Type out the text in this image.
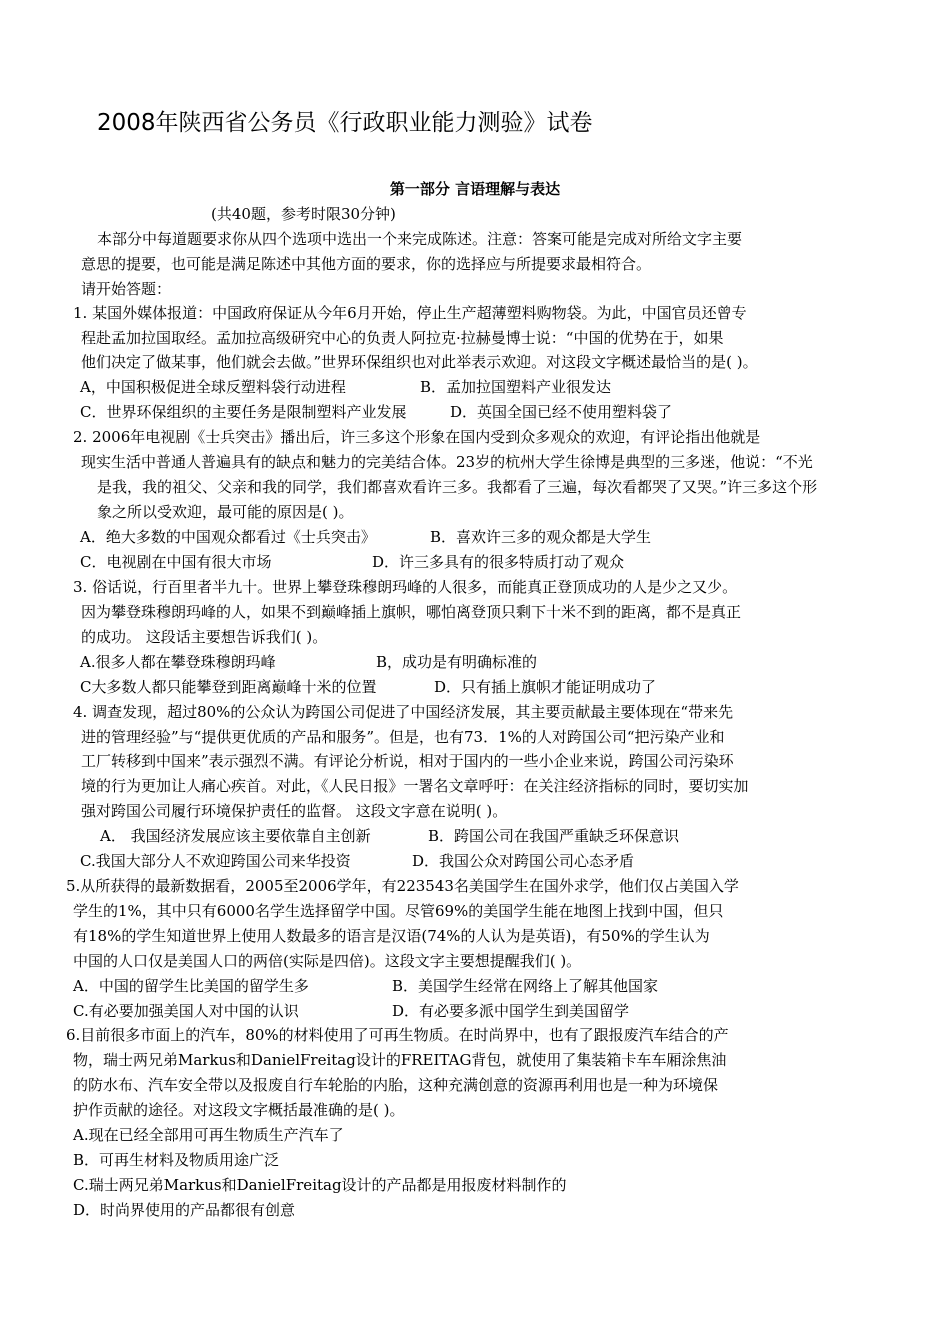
2008年陕西省公务员《行政职业能力测验》试卷
第一部分 言语理解与表达
(共40题，参考时限30分钟)
本部分中每道题要求你从四个选项中选出一个来完成陈述。注意：答案可能是完成对所给文字主要
意思的提要，也可能是满足陈述中其他方面的要求，你的选择应与所提要求最相符合。
请开始答题：
1. 某国外媒体报道：中国政府保证从今年6月开始，停止生产超薄塑料购物袋。为此，中国官员还曾专
程赴孟加拉国取经。孟加拉高级研究中心的负责人阿拉克·拉赫曼博士说：“中国的优势在于，如果
他们决定了做某事，他们就会去做。”世界环保组织也对此举表示欢迎。对这段文字概述最恰当的是( )。
A，中国积极促进全球反塑料袋行动进程	B．孟加拉国塑料产业很发达
C．世界环保组织的主要任务是限制塑料产业发展	D．英国全国已经不使用塑料袋了
2. 2006年电视剧《士兵突击》播出后，许三多这个形象在国内受到众多观众的欢迎，有评论指出他就是
现实生活中普通人普遍具有的缺点和魅力的完美结合体。23岁的杭州大学生徐博是典型的三多迷，他说：“不光
是我，我的祖父、父亲和我的同学，我们都喜欢看许三多。我都看了三遍，每次看都哭了又哭。”许三多这个形
象之所以受欢迎，最可能的原因是( )。
A．绝大多数的中国观众都看过《士兵突击》	B．喜欢许三多的观众都是大学生
C．电视剧在中国有很大市场	D．许三多具有的很多特质打动了观众
3. 俗话说，行百里者半九十。世界上攀登珠穆朗玛峰的人很多，而能真正登顶成功的人是少之又少。
因为攀登珠穆朗玛峰的人，如果不到巅峰插上旗帜，哪怕离登顶只剩下十米不到的距离，都不是真正
的成功。 这段话主要想告诉我们( )。
A.很多人都在攀登珠穆朗玛峰	B，成功是有明确标准的
C大多数人都只能攀登到距离巅峰十米的位置	D．只有插上旗帜才能证明成功了
4. 调查发现，超过80%的公众认为跨国公司促进了中国经济发展，其主要贡献最主要体现在“带来先
进的管理经验”与“提供更优质的产品和服务”。但是，也有73．1%的人对跨国公司“把污染产业和
工厂转移到中国来”表示强烈不满。有评论分析说，相对于国内的一些小企业来说，跨国公司污染环
境的行为更加让人痛心疾首。对此，《人民日报》一署名文章呼吁：在关注经济指标的同时，要切实加
强对跨国公司履行环境保护责任的监督。 这段文字意在说明( )。
A． 我国经济发展应该主要依靠自主创新	B．跨国公司在我国严重缺乏环保意识
C.我国大部分人不欢迎跨国公司来华投资	D．我国公众对跨国公司心态矛盾
5.从所获得的最新数据看，2005至2006学年，有223543名美国学生在国外求学，他们仅占美国入学
学生的1%，其中只有6000名学生选择留学中国。尽管69%的美国学生能在地图上找到中国，但只
有18%的学生知道世界上使用人数最多的语言是汉语(74%的人认为是英语)，有50%的学生认为
中国的人口仅是美国人口的两倍(实际是四倍)。这段文字主要想提醒我们( )。
A．中国的留学生比美国的留学生多	B．美国学生经常在网络上了解其他国家
C.有必要加强美国人对中国的认识	D．有必要多派中国学生到美国留学
6.目前很多市面上的汽车，80%的材料使用了可再生物质。在时尚界中，也有了跟报废汽车结合的产
物，瑞士两兄弟Markus和DanielFreitag设计的FREITAG背包，就使用了集装箱卡车车厢涂焦油
的防水布、汽车安全带以及报废自行车轮胎的内胎，这种充满创意的资源再利用也是一种为环境保
护作贡献的途径。对这段文字概括最准确的是( )。
A.现在已经全部用可再生物质生产汽车了
B．可再生材料及物质用途广泛
C.瑞士两兄弟Markus和DanielFreitag设计的产品都是用报废材料制作的
D．时尚界使用的产品都很有创意
